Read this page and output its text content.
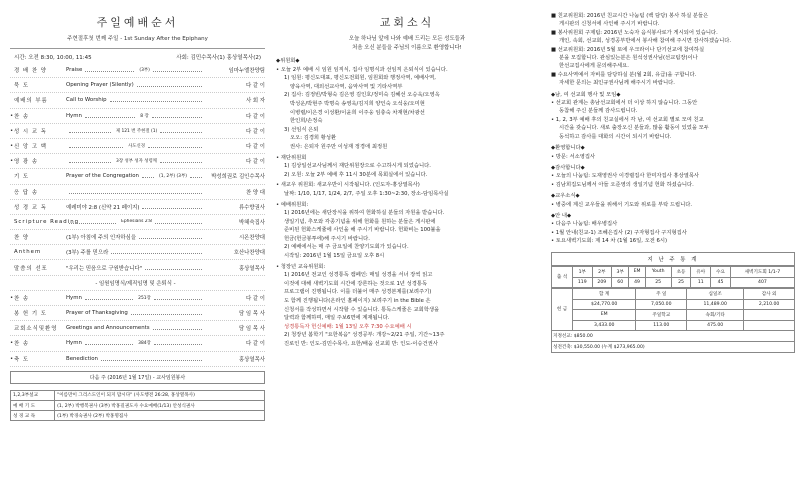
주일예배순서
주현절후첫 번째 주일 - 1st Sunday After the Epiphany
시간: 오전 8:30, 10:00, 11:45	사회: 김민수목사(1) 홍상열목사(2)
경 배 찬 양	Praise	(3부)	임마누엘찬양팀
묵 도	Opening Prayer (Silently)	다 같 이
예배의 부름	Call to Worship	사 회 자
• 찬 송	Hymn	8 장	다 같 이
• 성 시 교 독	제 121 번 주현절 (1)	다 같 이
• 신 앙 고 백	사도신경	다 같 이
• 영 광 송	3장 성부 성자 성령께	다 같 이
기 도	Prayer of the Congregation	(1, 2부) (3부)	박성희권로 김인수목사
응 답 송	찬 양 대
성 경 교 독	예레미야 2:8 (신약 21 페이지)	류수향권사
Scripture Reading	Ephesians 2:8	박혜숙집사
찬 양	(1부) 아침에 주의 인자하심을	시온찬양대
Anthem	(3부) 주를 믿으라	호산나찬양대
말씀의 선포	"우리는 믿음으로 구원받습니다"	홍상열목사
- 임원임명식/제직임명 및 은퇴식 -
• 찬 송	Hymn	251장	다 같 이
봉 헌 기 도	Prayer of Thanksgiving	담 임 목 사
교회소식및환영	Greetings and Announcements	담 임 목 사
• 찬 송	Hymn	384장	다 같 이
• 축 도	Benediction	홍상열목사
다음 주 (2016년 1월 17일) - 교사임원봉사
1,2,3부설교	"이름만이 그리스도인이 되지 맙시다" (사도행전 26:28, 홍상열목사)
예 배 기 도	(1, 2부) 박행복권사 (3부) 박홍길권도사 수요예배(1/13) 안성식권사
성 경 교 독	(1부) 박경숙권사 (2부) 박홍명집사
교회소식
오늘 하나님 앞에 나와 예배 드리는 모든 성도들과
처음 오신 분들을 주님의 이름으로 환영합니다!
◆위원회◆
• 오늘 2부 예배 시 임원 임직식, 집사 임명식과 선임직 은퇴식이 있습니다.
1) 임원: 평신도대표, 평신도전회원, 임원회와 행정사역, 예배사역,
양육사역, 대외선교사역, 음악사역 및 기타사역부
2) 집사: 김정빈/박형숙 김은영 김인호/정미숙 김혜선 오승욱/오영옥
박성운/박현주 박명숙 송영욱/김지희 양인숙 오석웅/오미현
이병렬/이은경 이성환/이윤희 이주웅 임충숙 차재현/차광선
한인희/손정숙
3) 선임식 은퇴
오오: 김경희 황성환
권사: 은퇴자 원주만 이성재 정경애 최정원
• 재단위원회
1) 김상일선교사님께서 재단위원장으로 수고하시게 되었습니다.
2) 오원: 오늘 2부 예배 후 11시 30분에 목회실에서 있습니다.
• 새교우 위원회: 새교우반이 시작됩니다. (인도자-홍상열목사)
날짜: 1/10, 1/17, 1/24, 2/7, 주일 오후 1:30~2:30, 장소-담임목사실
• 예배위원회:
1) 2016년에는 새단장식을 위하여 헌화하실 분들의 자원을 받습니다.
생일기념, 추모와 각종기념을 위해 헌화를 원하는 분들은 게시판에
준비된 헌화스케쥴에 사인을 해 주시기 바랍니다. 헌화비는 100불을
헌금(헌금봉투에)해 주시기 바랍니다.
2) 예배에서는 매 주 금요일에 찬양기도회가 있습니다.
시작일: 2016년 1월 15일 금요일 오후 8시
• 청장년 교육위원회:
1) 2016년 전교인 성경통독 캠페인: 매일 성경을 서너 장씩 읽고
이것에 대해 새벽기도회 시간에 강론하는 것으로 1년 성경통독
프로그램이 진행됩니다. 이를 더불어 매주 성경본제를(보려주기)
도 함께 진행됩니다(온라인 홈페이지) 보려주기 in the Bible 은
신청서를 작성하면서 시작할 수 있습니다. 통독스케줄은 교회학생을
달력과 함께하며, 매일 주보6면에 계재됩니다.
성경통독자 헌신예배: 1월 13일 오후 7:30 수요예배 시
2) 청장년 봄학기 "요한복음" 성경공부: 개강~2/21 주일, 기간~13주
진로인 반: 인도-김민수목사, 요한/배움 선교회 반: 인도-이승건권사
■ 친교위원회: 2016년 친교시간 나눔팀 (백 담당) 봉사 하실 분들은
게시판의 신청서에 사인해 주시기 바랍니다.
■ 봉사위원회 구제팀: 2016년 노숙자 음식봉사로가 게시되어 있습니다.
개인, 속회, 선교회, 성경공부반에서 봉사해 참여해 주시면 감사하겠습니다.
■ 선교위원회: 2016년 5월 또에 우크라이나 단기선교에 참여하실
분을 모집합니다. 관심있는분은 원석성권사님(선교팀장)이나
한선교집사에게 문의해주세요.
■ 수요사역예서 자비를 담당하실 분(월 2회, 유급)을 구합니다.
자세한 문의는 최인규권사님께 해주시기 바랍니다.
◆남, 여 선교회 행사 및 모임◆
• 선교회 관계는 총남선교회에서 더 이상 하지 않습니다. 그동안
동참해 주신 분들께 감사드립니다.
• 1, 2, 3부 예배 후의 친교실에서 각 남, 여 선교회 별로 모여 친교
시간을 갖습니다. 새로 출장오신 분들과, 많을 활동이 있었을 모두
동석하고 감사를 대화의 시간이 되시기 바랍니다.
◆환영합니다◆
• 방문: 서소영집사
◆감사합니다◆
• 오늘의 나눔팀: 도재영권사 이경렬집사 한미자집사 홍상열목사
• 김남희집도님께서 아들 오준영의 생일기념 헌화 하셨습니다.
◆교우소식◆
• 병중에 계신 교우들을 위해서 기도와 위로를 부탁 드립니다.
◆안 내◆
• 다음주 나눔팀: 배우병집사
• 1월 안내(친교-1) 조혜은집사 (2) 구자형집사 구지형집사
• 토요새벽기도회: 제 14 차 (1월 16일, 오전 6시)
지 난 주 통 계
출 석	1부	2부	3부	EM	Youth	초등	유아	수요	새벽기도회 1/1-7
	119	209	60	49	25	25	11	45	407
헌 금	합 계	주 일	십일조	감사 외
	$24,770.00	7,050.00	11,489.00	2,210.00
	EM	주일학교	속회/기타	
	3,433.00	113.00	475.00	
지정선교: $850.00				
성전건축: $30,550.00 (누계 $273,965.00)				
